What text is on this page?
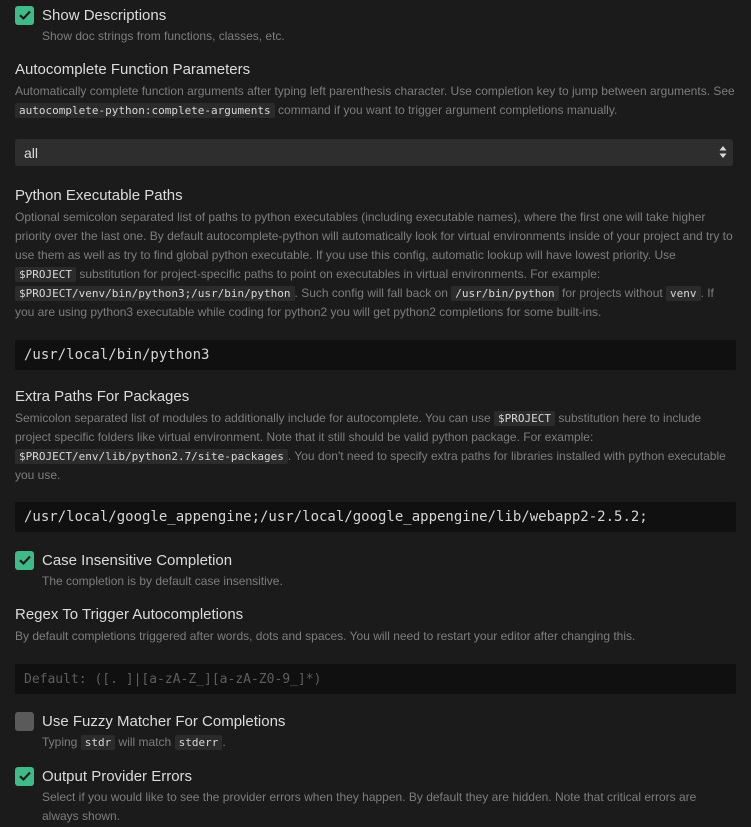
Show Descriptions
Show doc strings from functions, classes, etc.
Autocomplete Function Parameters
Automatically complete function arguments after typing left parenthesis character. Use completion key to jump between arguments. See autocomplete-python:complete-arguments command if you want to trigger argument completions manually.
all
Python Executable Paths
Optional semicolon separated list of paths to python executables (including executable names), where the first one will take higher priority over the last one. By default autocomplete-python will automatically look for virtual environments inside of your project and try to use them as well as try to find global python executable. If you use this config, automatic lookup will have lowest priority. Use $PROJECT substitution for project-specific paths to point on executables in virtual environments. For example: $PROJECT/venv/bin/python3;/usr/bin/python . Such config will fall back on /usr/bin/python for projects without venv . If you are using python3 executable while coding for python2 you will get python2 completions for some built-ins.
/usr/local/bin/python3
Extra Paths For Packages
Semicolon separated list of modules to additionally include for autocomplete. You can use $PROJECT substitution here to include project specific folders like virtual environment. Note that it still should be valid python package. For example: $PROJECT/env/lib/python2.7/site-packages . You don't need to specify extra paths for libraries installed with python executable you use.
/usr/local/google_appengine;/usr/local/google_appengine/lib/webapp2-2.5.2;
Case Insensitive Completion
The completion is by default case insensitive.
Regex To Trigger Autocompletions
By default completions triggered after words, dots and spaces. You will need to restart your editor after changing this.
Default: ([. ]|[a-zA-Z_][a-zA-Z0-9_]*)
Use Fuzzy Matcher For Completions
Typing stdr will match stderr .
Output Provider Errors
Select if you would like to see the provider errors when they happen. By default they are hidden. Note that critical errors are always shown.
